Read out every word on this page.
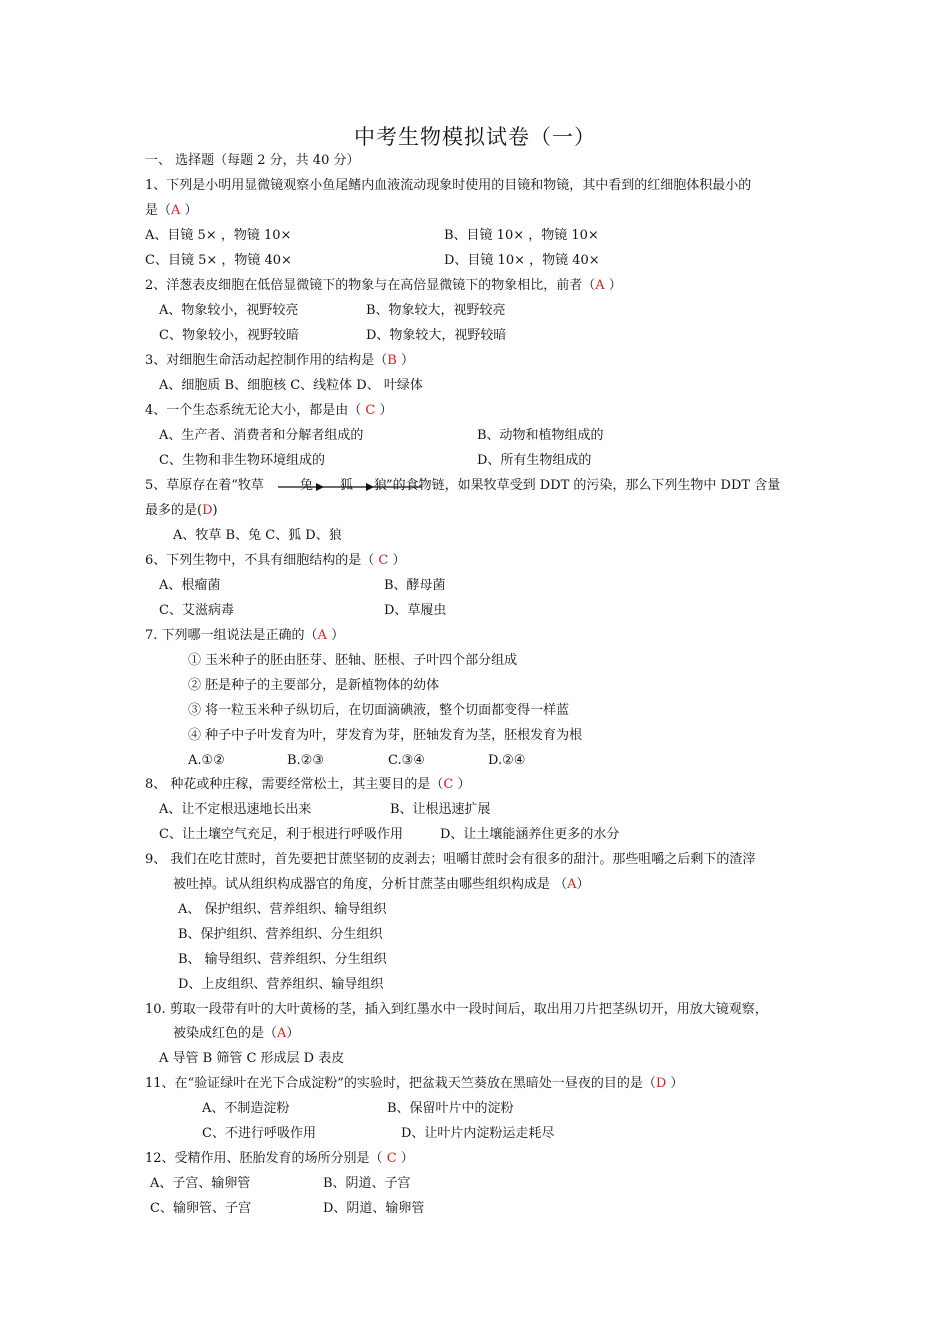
中考生物模拟试卷（一）
一、 选择题（每题 2 分，共 40 分）
1、下列是小明用显微镜观察小鱼尾鳍内血液流动现象时使用的目镜和物镜，其中看到的红细胞体积最小的
是（A ）
A、目镜 5× ，物镜 10×	B、目镜 10× ，物镜 10×
C、目镜 5× ，物镜 40×	D、目镜 10× ，物镜 40×
2、洋葱表皮细胞在低倍显微镜下的物象与在高倍显微镜下的物象相比，前者（A ）
A、物象较小，视野较亮	B、物象较大，视野较亮
C、物象较小，视野较暗	D、物象较大，视野较暗
3、对细胞生命活动起控制作用的结构是（B ）
A、细胞质 B、细胞核 C、线粒体 D、 叶绿体
4、一个生态系统无论大小，都是由（ C ）
A、生产者、消费者和分解者组成的	B、动物和植物组成的
C、生物和非生物环境组成的	D、所有生物组成的
5、草原存在着“牧草	兔 狐 狼
”的食物链，如果牧草受到 DDT 的污染，那么下列生物中 DDT 含量
最多的是(D)
A、牧草 B、兔 C、狐 D、狼
6、下列生物中，不具有细胞结构的是（ C ）
A、根瘤菌	B、酵母菌
C、艾滋病毒	D、草履虫
7. 下列哪一组说法是正确的（A ）
① 玉米种子的胚由胚芽、胚轴、胚根、子叶四个部分组成
② 胚是种子的主要部分，是新植物体的幼体
③ 将一粒玉米种子纵切后，在切面滴碘液，整个切面都变得一样蓝
④ 种子中子叶发育为叶，芽发育为芽，胚轴发育为茎，胚根发育为根
A.①②	B.②③	C.③④	D.②④
8、 种花或种庄稼，需要经常松土，其主要目的是（C ）
A、让不定根迅速地长出来	B、让根迅速扩展
C、让土壤空气充足，利于根进行呼吸作用	D、让土壤能涵养住更多的水分
9、 我们在吃甘蔗时，首先要把甘蔗坚韧的皮剥去；咀嚼甘蔗时会有很多的甜汁。那些咀嚼之后剩下的渣滓
被吐掉。试从组织构成器官的角度，分析甘蔗茎由哪些组织构成是 （A）
A、 保护组织、营养组织、输导组织
B、保护组织、营养组织、分生组织
B、 输导组织、营养组织、分生组织
D、上皮组织、营养组织、输导组织
10. 剪取一段带有叶的大叶黄杨的茎，插入到红墨水中一段时间后，取出用刀片把茎纵切开，用放大镜观察，
被染成红色的是（A）
A 导管 B 筛管 C 形成层 D 表皮
11、在“验证绿叶在光下合成淀粉”的实验时，把盆栽天竺葵放在黑暗处一昼夜的目的是（D ）
A、不制造淀粉	B、保留叶片中的淀粉
C、不进行呼吸作用	D、让叶片内淀粉运走耗尽
12、受精作用、胚胎发育的场所分别是（ C ）
A、子宫、输卵管	B、阴道、子宫
C、输卵管、子宫	D、阴道、输卵管
